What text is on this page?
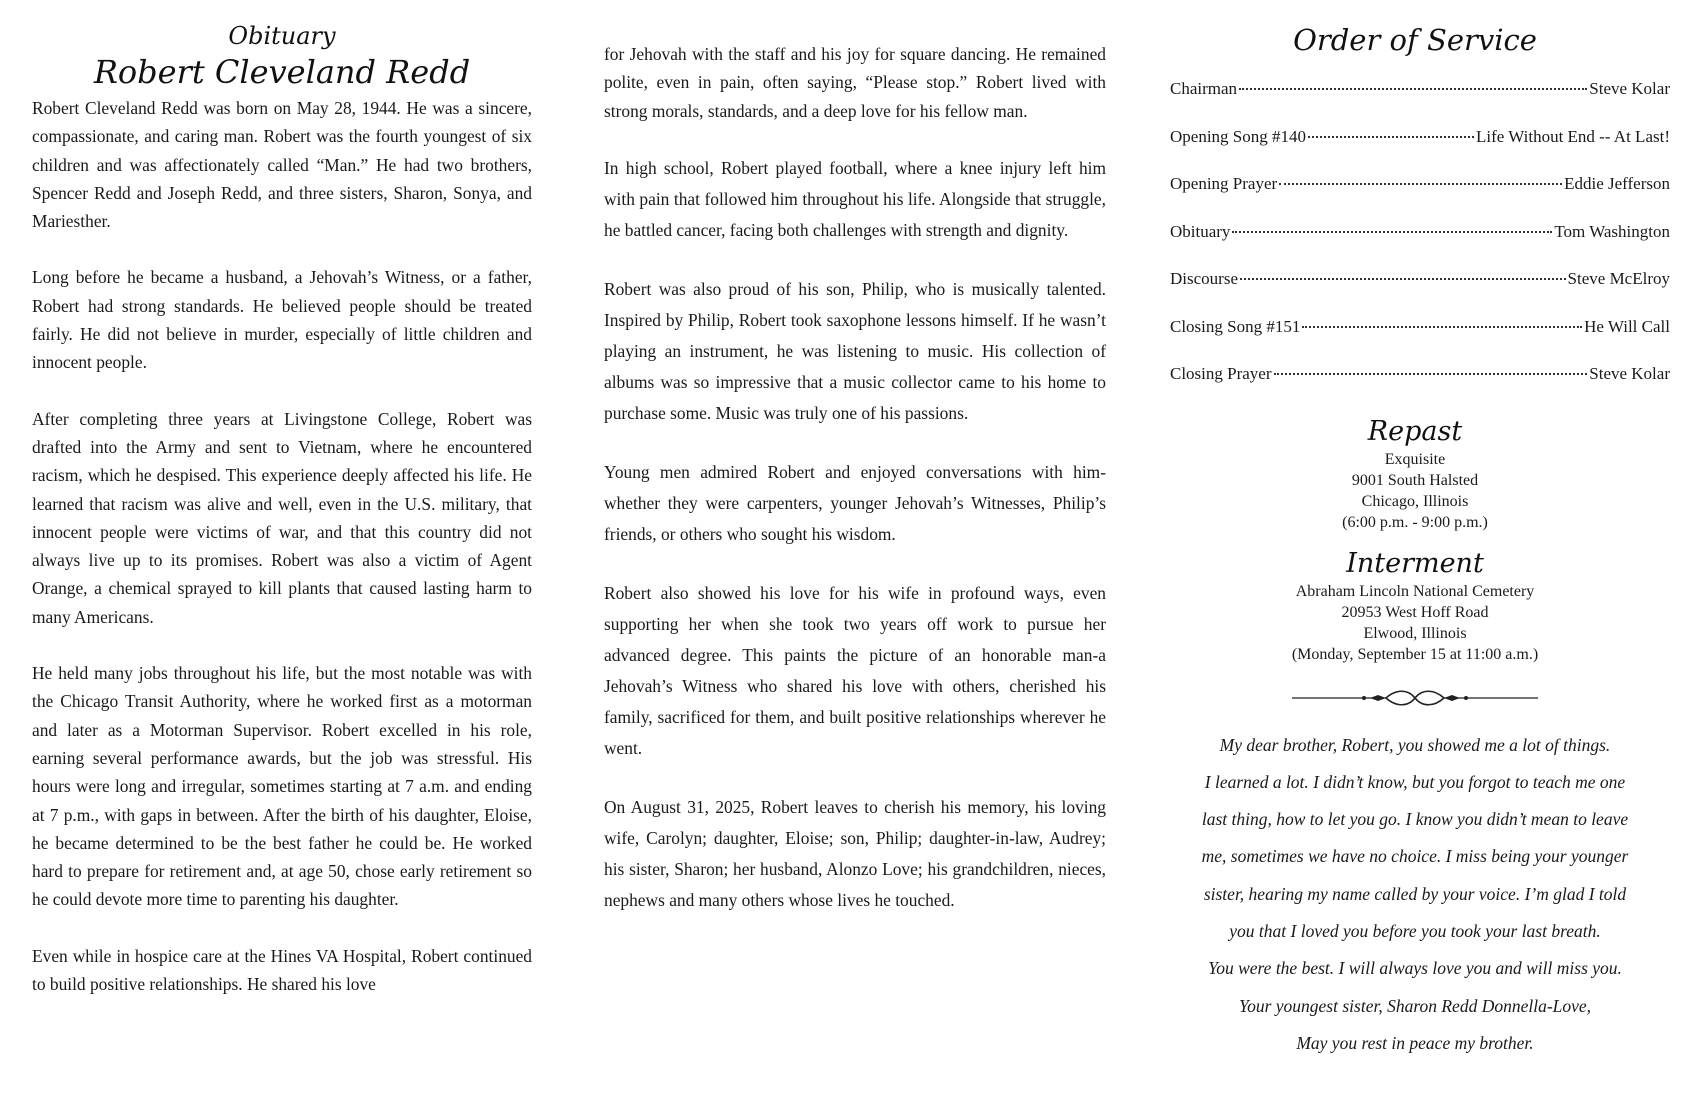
Obituary
Robert Cleveland Redd

Robert Cleveland Redd was born on May 28, 1944. He was a sincere, compassionate, and caring man. Robert was the fourth youngest of six children and was affectionately called “Man.” He had two brothers, Spencer Redd and Joseph Redd, and three sisters, Sharon, Sonya, and Mariesther.

Long before he became a husband, a Jehovah’s Witness, or a father, Robert had strong standards. He believed people should be treated fairly. He did not believe in murder, especially of little children and innocent people.

After completing three years at Livingstone College, Robert was drafted into the Army and sent to Vietnam, where he encountered racism, which he despised. This experience deeply affected his life. He learned that racism was alive and well, even in the U.S. military, that innocent people were victims of war, and that this country did not always live up to its promises. Robert was also a victim of Agent Orange, a chemical sprayed to kill plants that caused lasting harm to many Americans.

He held many jobs throughout his life, but the most notable was with the Chicago Transit Authority, where he worked first as a motorman and later as a Motorman Supervisor. Robert excelled in his role, earning several performance awards, but the job was stressful. His hours were long and irregular, sometimes starting at 7 a.m. and ending at 7 p.m., with gaps in between. After the birth of his daughter, Eloise, he became determined to be the best father he could be. He worked hard to prepare for retirement and, at age 50, chose early retirement so he could devote more time to parenting his daughter.

Even while in hospice care at the Hines VA Hospital, Robert continued to build positive relationships. He shared his love

for Jehovah with the staff and his joy for square dancing. He remained polite, even in pain, often saying, “Please stop.” Robert lived with strong morals, standards, and a deep love for his fellow man.

In high school, Robert played football, where a knee injury left him with pain that followed him throughout his life. Alongside that struggle, he battled cancer, facing both challenges with strength and dignity.

Robert was also proud of his son, Philip, who is musically talented. Inspired by Philip, Robert took saxophone lessons himself. If he wasn’t playing an instrument, he was listening to music. His collection of albums was so impressive that a music collector came to his home to purchase some. Music was truly one of his passions.

Young men admired Robert and enjoyed conversations with him-whether they were carpenters, younger Jehovah’s Witnesses, Philip’s friends, or others who sought his wisdom.

Robert also showed his love for his wife in profound ways, even supporting her when she took two years off work to pursue her advanced degree. This paints the picture of an honorable man-a Jehovah’s Witness who shared his love with others, cherished his family, sacrificed for them, and built positive relationships wherever he went.

On August 31, 2025, Robert leaves to cherish his memory, his loving wife, Carolyn; daughter, Eloise; son, Philip; daughter-in-law, Audrey; his sister, Sharon; her husband, Alonzo Love; his grandchildren, nieces, nephews and many others whose lives he touched.

Order of Service
Chairman	Steve Kolar
Opening Song #140	Life Without End -- At Last!
Opening Prayer	Eddie Jefferson
Obituary	Tom Washington
Discourse	Steve McElroy
Closing Song #151	He Will Call
Closing Prayer	Steve Kolar
Repast
Exquisite
9001 South Halsted
Chicago, Illinois
(6:00 p.m. - 9:00 p.m.)
Interment
Abraham Lincoln National Cemetery
20953 West Hoff Road
Elwood, Illinois
(Monday, September 15 at 11:00 a.m.)
My dear brother, Robert, you showed me a lot of things.
I learned a lot. I didn’t know, but you forgot to teach me one
last thing, how to let you go. I know you didn’t mean to leave
me, sometimes we have no choice. I miss being your younger
sister, hearing my name called by your voice. I’m glad I told
you that I loved you before you took your last breath.
You were the best. I will always love you and will miss you.
Your youngest sister, Sharon Redd Donnella-Love,
May you rest in peace my brother.
